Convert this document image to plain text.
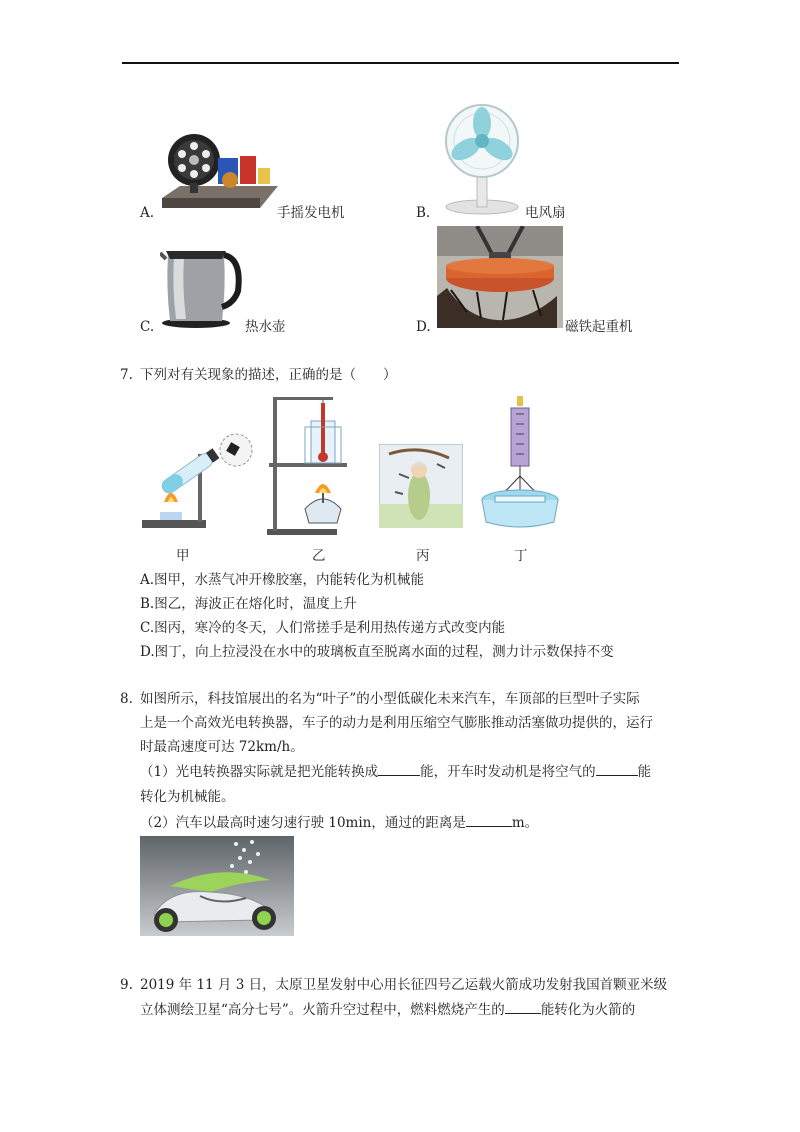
A.	手摇发电机	B.	电风扇
C.	热水壶	D.	磁铁起重机
7. 下列对有关现象的描述，正确的是（　　）
甲	乙	丙	丁
A.图甲，水蒸气冲开橡胶塞，内能转化为机械能
B.图乙，海波正在熔化时，温度上升
C.图丙，寒冷的冬天，人们常搓手是利用热传递方式改变内能
D.图丁，向上拉浸没在水中的玻璃板直至脱离水面的过程，测力计示数保持不变
8. 如图所示，科技馆展出的名为“叶子”的小型低碳化未来汽车，车顶部的巨型叶子实际
上是一个高效光电转换器，车子的动力是利用压缩空气膨胀推动活塞做功提供的，运行
时最高速度可达 72km/h。
（1）光电转换器实际就是把光能转换成	能，开车时发动机是将空气的	能
转化为机械能。
（2）汽车以最高时速匀速行驶 10min，通过的距离是	m。
9. 2019 年 11 月 3 日，太原卫星发射中心用长征四号乙运载火箭成功发射我国首颗亚米级
立体测绘卫星“高分七号”。火箭升空过程中，燃料燃烧产生的	能转化为火箭的
